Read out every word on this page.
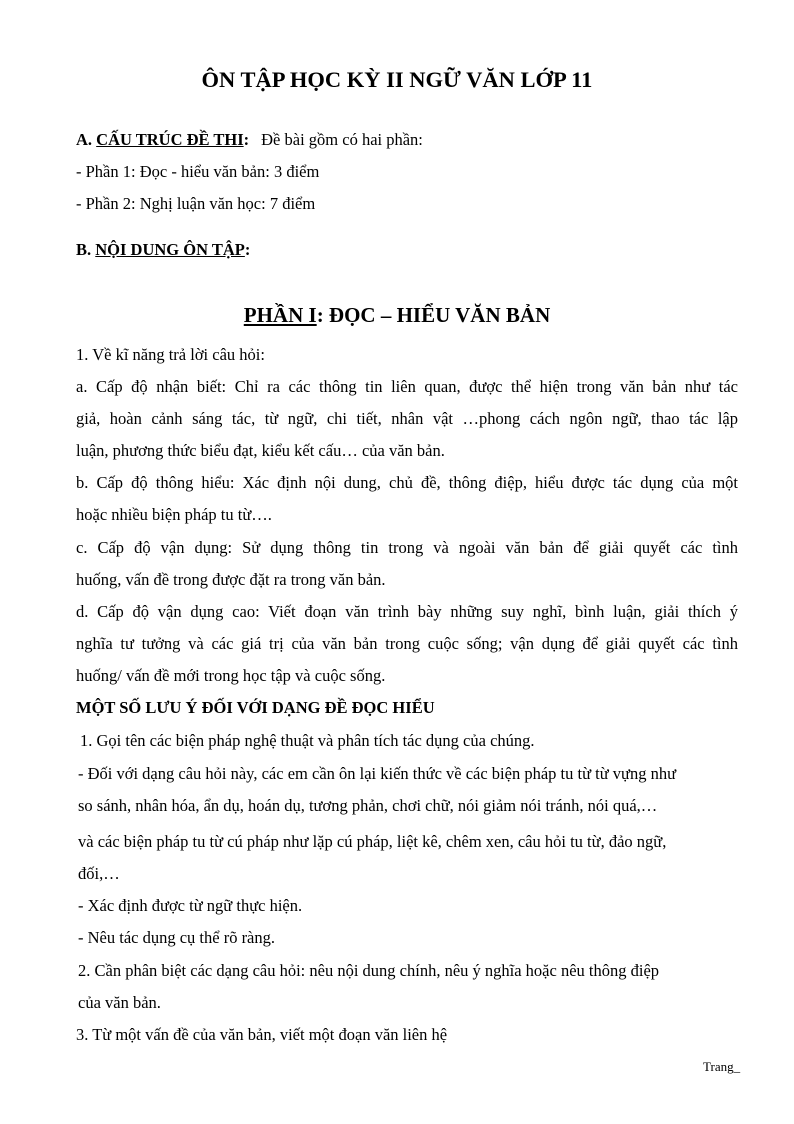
ÔN TẬP HỌC KỲ II NGỮ VĂN LỚP 11
A. CẤU TRÚC ĐỀ THI: Đề bài gồm có hai phần:
- Phần 1: Đọc - hiểu văn bản: 3 điểm
- Phần 2: Nghị luận văn học: 7 điểm
B. NỘI DUNG ÔN TẬP:
PHẦN I: ĐỌC – HIỂU VĂN BẢN
1. Về kĩ năng trả lời câu hỏi:
a. Cấp độ nhận biết: Chỉ ra các thông tin liên quan, được thể hiện trong văn bản như tác
giả, hoàn cảnh sáng tác, từ ngữ, chi tiết, nhân vật …phong cách ngôn ngữ, thao tác lập
luận, phương thức biểu đạt, kiểu kết cấu… của văn bản.
b. Cấp độ thông hiểu: Xác định nội dung, chủ đề, thông điệp, hiểu được tác dụng của một
hoặc nhiều biện pháp tu từ….
c. Cấp độ vận dụng: Sử dụng thông tin trong và ngoài văn bản để giải quyết các tình
huống, vấn đề trong được đặt ra trong văn bản.
d. Cấp độ vận dụng cao: Viết đoạn văn trình bày những suy nghĩ, bình luận, giải thích ý
nghĩa tư tưởng và các giá trị của văn bản trong cuộc sống; vận dụng để giải quyết các tình
huống/ vấn đề mới trong học tập và cuộc sống.
MỘT SỐ LƯU Ý ĐỐI VỚI DẠNG ĐỀ ĐỌC HIỂU
1. Gọi tên các biện pháp nghệ thuật và phân tích tác dụng của chúng.
- Đối với dạng câu hỏi này, các em cần ôn lại kiến thức về các biện pháp tu từ từ vựng như
so sánh, nhân hóa, ẩn dụ, hoán dụ, tương phản, chơi chữ, nói giảm nói tránh, nói quá,…
và các biện pháp tu từ cú pháp như lặp cú pháp, liệt kê, chêm xen, câu hỏi tu từ, đảo ngữ,
đối,…
- Xác định được từ ngữ thực hiện.
- Nêu tác dụng cụ thể rõ ràng.
2. Cần phân biệt các dạng câu hỏi: nêu nội dung chính, nêu ý nghĩa hoặc nêu thông điệp
của văn bản.
3. Từ một vấn đề của văn bản, viết một đoạn văn liên hệ
Trang_
